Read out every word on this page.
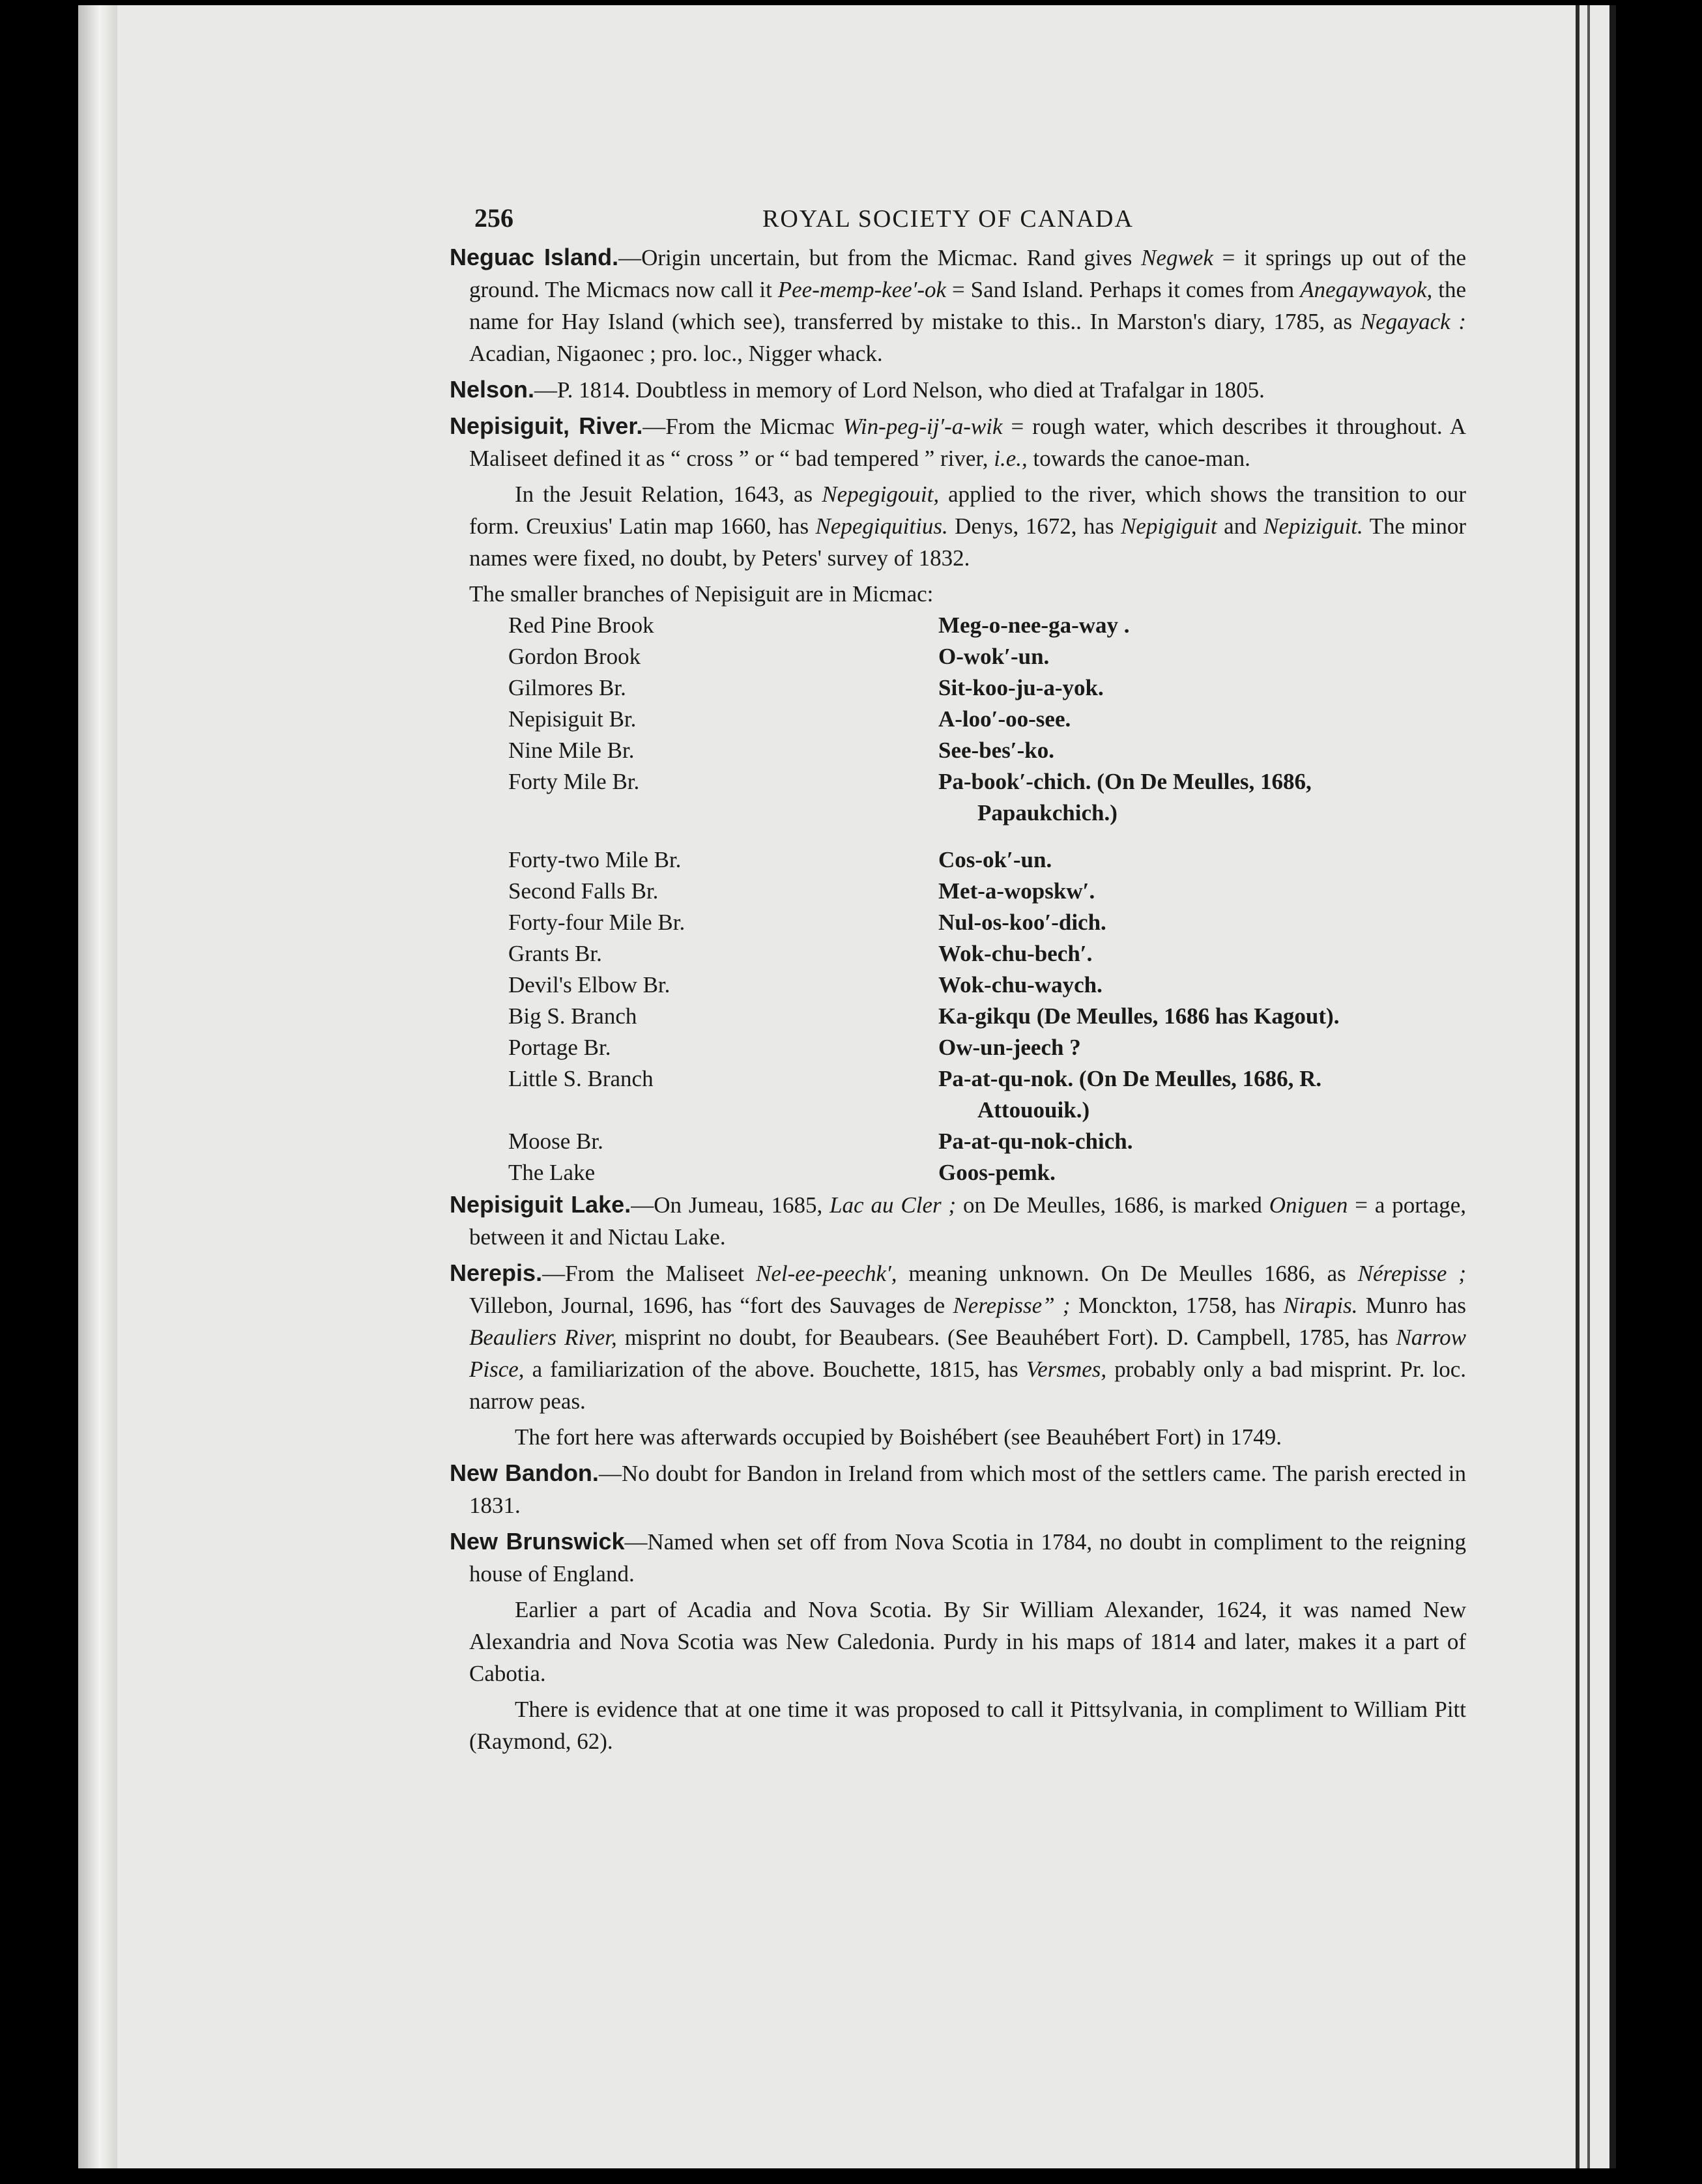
256	ROYAL SOCIETY OF CANADA

Neguac Island.—Origin uncertain, but from the Micmac. Rand gives Negwek = it springs up out of the ground. The Micmacs now call it Pee-memp-kee′-ok = Sand Island. Perhaps it comes from Anegaywayok, the name for Hay Island (which see), transferred by mistake to this.. In Marston's diary, 1785, as Negayack : Acadian, Nigaonec ; pro. loc., Nigger whack.

Nelson.—P. 1814. Doubtless in memory of Lord Nelson, who died at Trafalgar in 1805.

Nepisiguit, River.—From the Micmac Win-peg-ij′-a-wik = rough water, which describes it throughout. A Maliseet defined it as “ cross ” or “ bad tempered ” river, i.e., towards the canoe-man.

In the Jesuit Relation, 1643, as Nepegigouit, applied to the river, which shows the transition to our form. Creuxius' Latin map 1660, has Nepegiquitius. Denys, 1672, has Nepigiguit and Nepiziguit. The minor names were fixed, no doubt, by Peters' survey of 1832.

The smaller branches of Nepisiguit are in Micmac:

Red Pine Brook	Meg-o-nee-ga-way .
Gordon Brook	O-wok′-un.
Gilmores Br.	Sit-koo-ju-a-yok.
Nepisiguit Br.	A-loo′-oo-see.
Nine Mile Br.	See-bes′-ko.
Forty Mile Br.	Pa-book′-chich. (On De Meulles, 1686,
Papaukchich.)
Forty-two Mile Br.	Cos-ok′-un.
Second Falls Br.	Met-a-wopskw′.
Forty-four Mile Br.	Nul-os-koo′-dich.
Grants Br.	Wok-chu-bech′.
Devil's Elbow Br.	Wok-chu-waych.
Big S. Branch	Ka-gikqu (De Meulles, 1686 has Kagout).
Portage Br.	Ow-un-jeech ?
Little S. Branch	Pa-at-qu-nok. (On De Meulles, 1686, R.
Attououik.)
Moose Br.	Pa-at-qu-nok-chich.
The Lake	Goos-pemk.

Nepisiguit Lake.—On Jumeau, 1685, Lac au Cler ; on De Meulles, 1686, is marked Oniguen = a portage, between it and Nictau Lake.

Nerepis.—From the Maliseet Nel-ee-peechk′, meaning unknown. On De Meulles 1686, as Nérepisse ; Villebon, Journal, 1696, has “fort des Sauvages de Nerepisse” ; Monckton, 1758, has Nirapis. Munro has Beauliers River, misprint no doubt, for Beaubears. (See Beauhébert Fort). D. Campbell, 1785, has Narrow Pisce, a familiarization of the above. Bouchette, 1815, has Versmes, probably only a bad misprint. Pr. loc. narrow peas.

The fort here was afterwards occupied by Boishébert (see Beauhébert Fort) in 1749.

New Bandon.—No doubt for Bandon in Ireland from which most of the settlers came. The parish erected in 1831.

New Brunswick—Named when set off from Nova Scotia in 1784, no doubt in compliment to the reigning house of England.

Earlier a part of Acadia and Nova Scotia. By Sir William Alexander, 1624, it was named New Alexandria and Nova Scotia was New Caledonia. Purdy in his maps of 1814 and later, makes it a part of Cabotia.

There is evidence that at one time it was proposed to call it Pittsylvania, in compliment to William Pitt (Raymond, 62).
